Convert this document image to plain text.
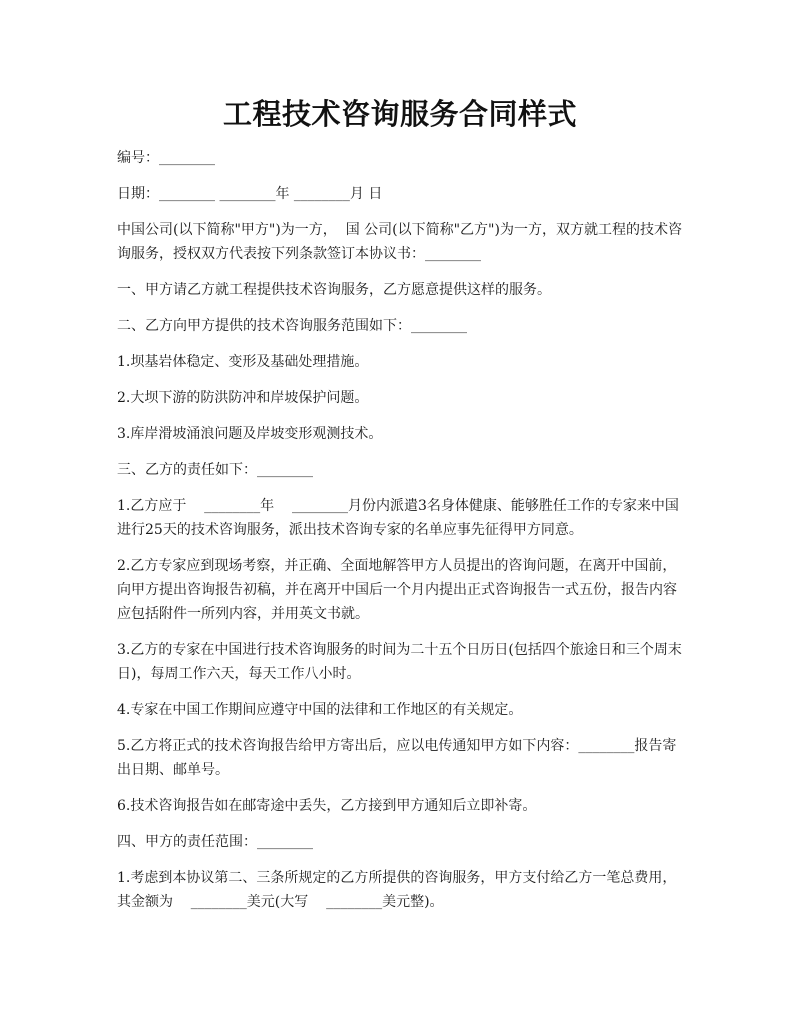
工程技术咨询服务合同样式
编号：________
日期：________ ________年 ________月 日
中国公司(以下简称"甲方")为一方，  国 公司(以下简称"乙方")为一方，双方就工程的技术咨询服务，授权双方代表按下列条款签订本协议书：________
一、甲方请乙方就工程提供技术咨询服务，乙方愿意提供这样的服务。
二、乙方向甲方提供的技术咨询服务范围如下：________
1.坝基岩体稳定、变形及基础处理措施。
2.大坝下游的防洪防冲和岸坡保护问题。
3.库岸滑坡涌浪问题及岸坡变形观测技术。
三、乙方的责任如下：________
1.乙方应于    ________年    ________月份内派遣3名身体健康、能够胜任工作的专家来中国进行25天的技术咨询服务，派出技术咨询专家的名单应事先征得甲方同意。
2.乙方专家应到现场考察，并正确、全面地解答甲方人员提出的咨询问题，在离开中国前，向甲方提出咨询报告初稿，并在离开中国后一个月内提出正式咨询报告一式五份，报告内容应包括附件一所列内容，并用英文书就。
3.乙方的专家在中国进行技术咨询服务的时间为二十五个日历日(包括四个旅途日和三个周末日)，每周工作六天，每天工作八小时。
4.专家在中国工作期间应遵守中国的法律和工作地区的有关规定。
5.乙方将正式的技术咨询报告给甲方寄出后，应以电传通知甲方如下内容：________报告寄出日期、邮单号。
6.技术咨询报告如在邮寄途中丢失，乙方接到甲方通知后立即补寄。
四、甲方的责任范围：________
1.考虑到本协议第二、三条所规定的乙方所提供的咨询服务，甲方支付给乙方一笔总费用，其金额为    ________美元(大写    ________美元整)。
